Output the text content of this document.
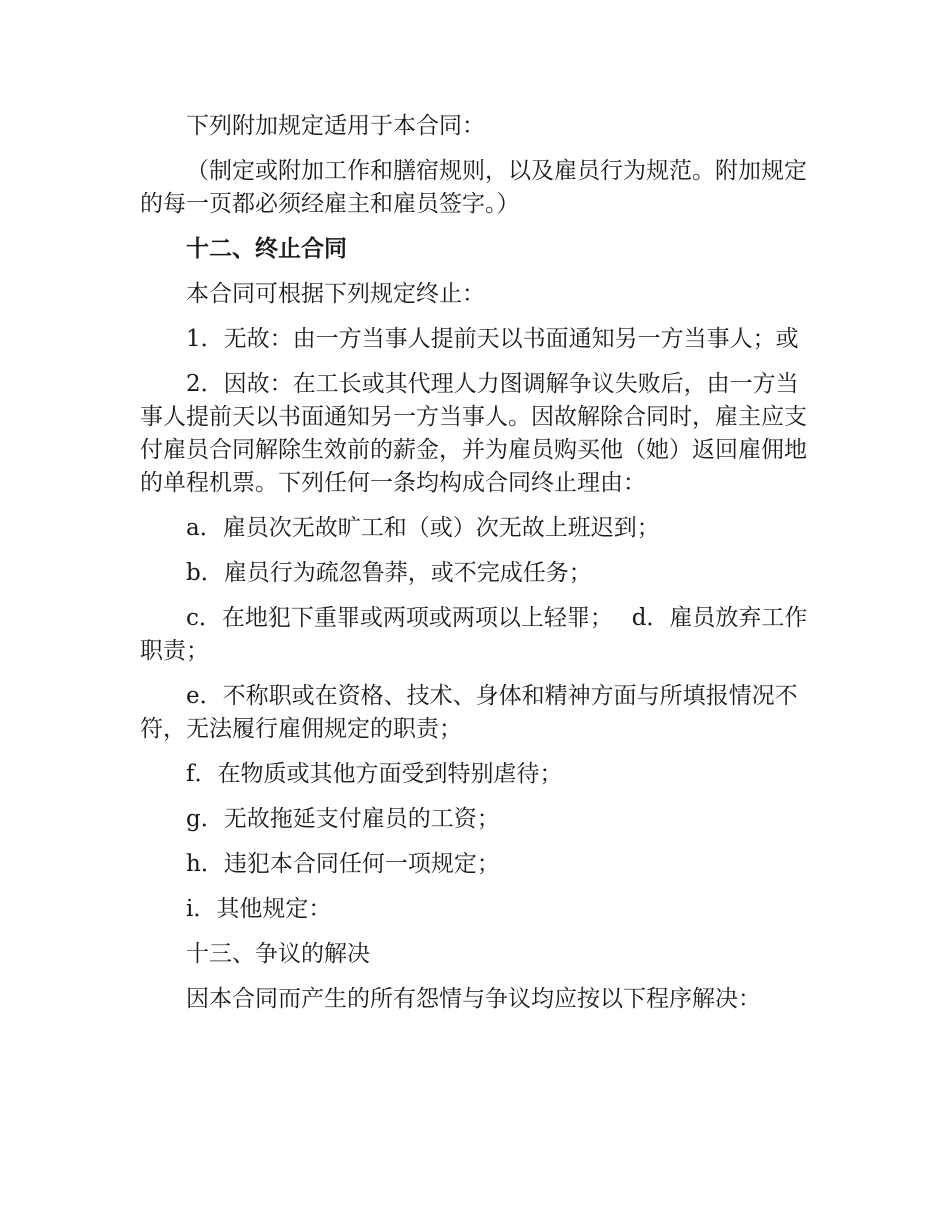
下列附加规定适用于本合同：

（制定或附加工作和膳宿规则，以及雇员行为规范。附加规定的每一页都必须经雇主和雇员签字。）

十二、终止合同

本合同可根据下列规定终止：

1．无故：由一方当事人提前天以书面通知另一方当事人；或

2．因故：在工长或其代理人力图调解争议失败后，由一方当事人提前天以书面通知另一方当事人。因故解除合同时，雇主应支付雇员合同解除生效前的薪金，并为雇员购买他（她）返回雇佣地的单程机票。下列任何一条均构成合同终止理由：

a．雇员次无故旷工和（或）次无故上班迟到；

b．雇员行为疏忽鲁莽，或不完成任务；

c．在地犯下重罪或两项或两项以上轻罪；　 d．雇员放弃工作职责；

e．不称职或在资格、技术、身体和精神方面与所填报情况不符，无法履行雇佣规定的职责；

f．在物质或其他方面受到特别虐待；

g．无故拖延支付雇员的工资；

h．违犯本合同任何一项规定；

i．其他规定：

十三、争议的解决

因本合同而产生的所有怨情与争议均应按以下程序解决：
